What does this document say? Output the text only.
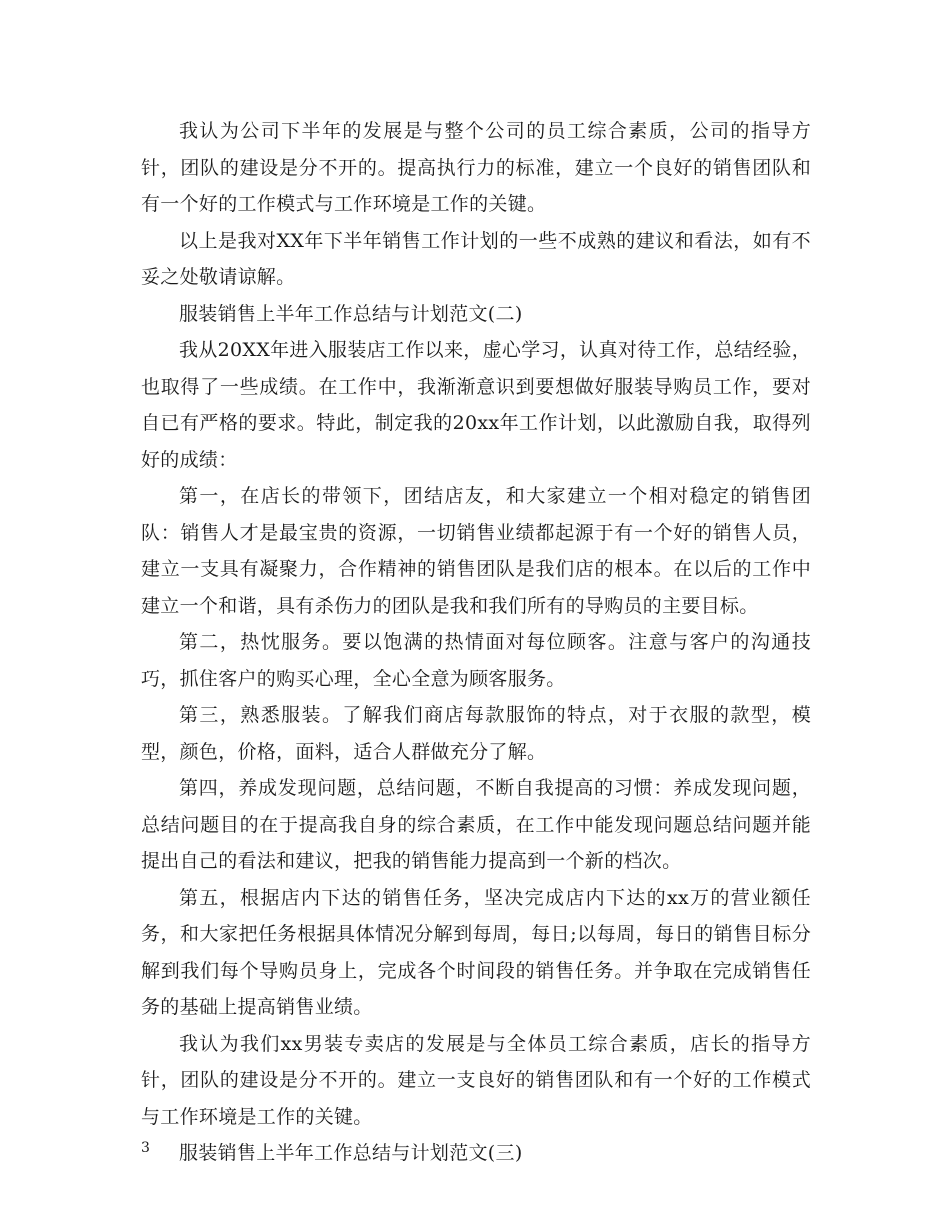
我认为公司下半年的发展是与整个公司的员工综合素质，公司的指导方针，团队的建设是分不开的。提高执行力的标准，建立一个良好的销售团队和有一个好的工作模式与工作环境是工作的关键。

以上是我对XX年下半年销售工作计划的一些不成熟的建议和看法，如有不妥之处敬请谅解。

服装销售上半年工作总结与计划范文(二)

我从20XX年进入服装店工作以来，虚心学习，认真对待工作，总结经验，也取得了一些成绩。在工作中，我渐渐意识到要想做好服装导购员工作，要对自已有严格的要求。特此，制定我的20xx年工作计划，以此激励自我，取得列好的成绩：

第一，在店长的带领下，团结店友，和大家建立一个相对稳定的销售团队：销售人才是最宝贵的资源，一切销售业绩都起源于有一个好的销售人员，建立一支具有凝聚力，合作精神的销售团队是我们店的根本。在以后的工作中建立一个和谐，具有杀伤力的团队是我和我们所有的导购员的主要目标。

第二，热忱服务。要以饱满的热情面对每位顾客。注意与客户的沟通技巧，抓住客户的购买心理，全心全意为顾客服务。

第三，熟悉服装。了解我们商店每款服饰的特点，对于衣服的款型，模型，颜色，价格，面料，适合人群做充分了解。

第四，养成发现问题，总结问题，不断自我提高的习惯：养成发现问题，总结问题目的在于提高我自身的综合素质，在工作中能发现问题总结问题并能提出自己的看法和建议，把我的销售能力提高到一个新的档次。

第五，根据店内下达的销售任务，坚决完成店内下达的xx万的营业额任务，和大家把任务根据具体情况分解到每周，每日;以每周，每日的销售目标分解到我们每个导购员身上，完成各个时间段的销售任务。并争取在完成销售任务的基础上提高销售业绩。

我认为我们xx男装专卖店的发展是与全体员工综合素质，店长的指导方针，团队的建设是分不开的。建立一支良好的销售团队和有一个好的工作模式与工作环境是工作的关键。

服装销售上半年工作总结与计划范文(三)

3
